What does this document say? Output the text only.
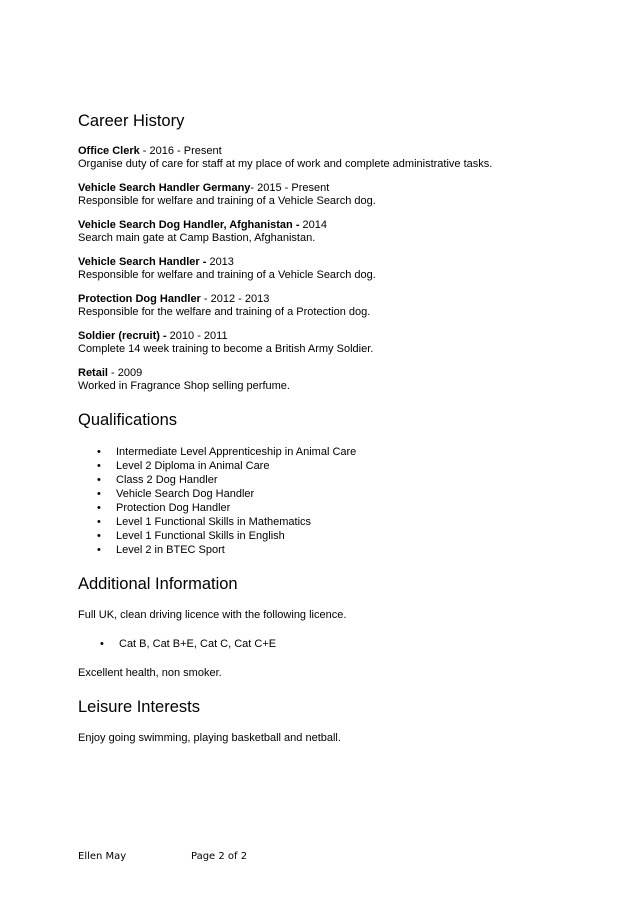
Career History
Office Clerk - 2016 - Present
Organise duty of care for staff at my place of work and complete administrative tasks.
Vehicle Search Handler Germany- 2015 - Present
Responsible for welfare and training of a Vehicle Search dog.
Vehicle Search Dog Handler, Afghanistan - 2014
Search main gate at Camp Bastion, Afghanistan.
Vehicle Search Handler - 2013
Responsible for welfare and training of a Vehicle Search dog.
Protection Dog Handler - 2012 - 2013
Responsible for the welfare and training of a Protection dog.
Soldier (recruit) - 2010 - 2011
Complete 14 week training to become a British Army Soldier.
Retail - 2009
Worked in Fragrance Shop selling perfume.
Qualifications
• Intermediate Level Apprenticeship in Animal Care
• Level 2 Diploma in Animal Care
• Class 2 Dog Handler
• Vehicle Search Dog Handler
• Protection Dog Handler
• Level 1 Functional Skills in Mathematics
• Level 1 Functional Skills in English
• Level 2 in BTEC Sport
Additional Information

Full UK, clean driving licence with the following licence.

• Cat B, Cat B+E, Cat C, Cat C+E

Excellent health, non smoker.

Leisure Interests

Enjoy going swimming, playing basketball and netball.

Ellen May	Page 2 of 2
